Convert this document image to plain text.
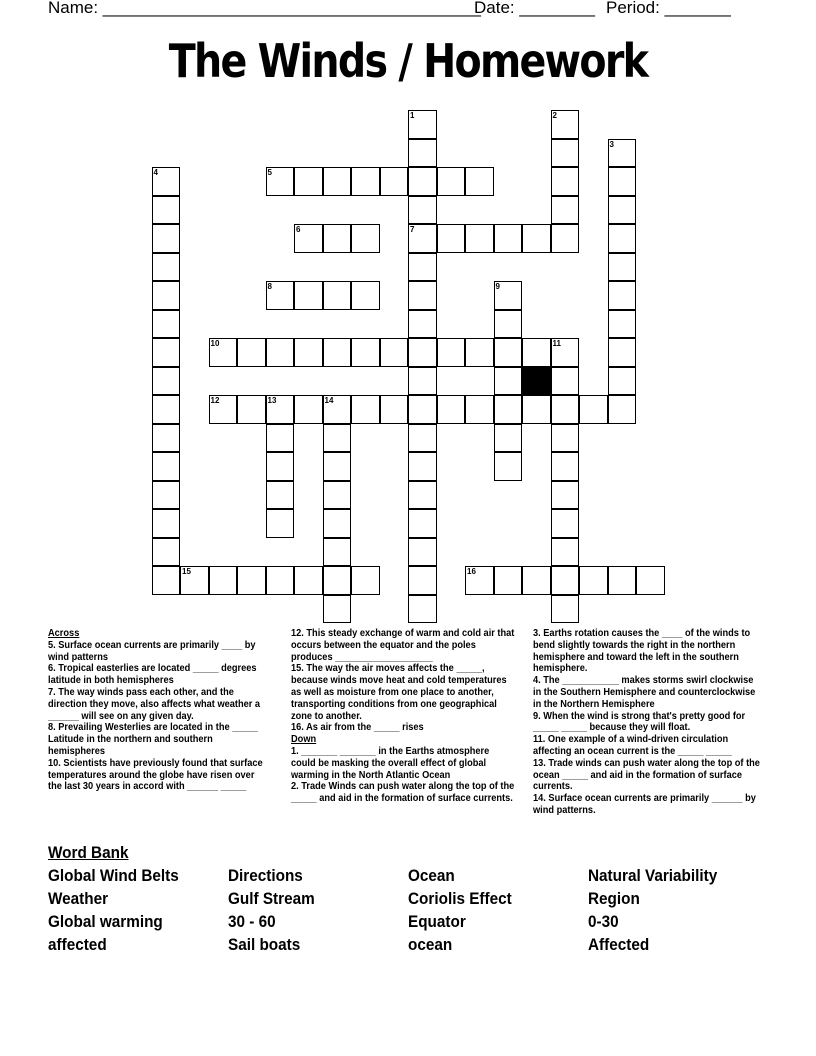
Name: ________________________________________
Date: ________ Period: _______
The Winds / Homework
1	2
3
4	5
6	7
8	9
10	11
12	13	14
15	16

Across

5. Surface ocean currents are primarily ____ by wind patterns

6. Tropical easterlies are located _____ degrees latitude in both hemispheres

7. The way winds pass each other, and the direction they move, also affects what weather a ______ will see on any given day.

8. Prevailing Westerlies are located in the _____ Latitude in the northern and southern hemispheres

10. Scientists have previously found that surface temperatures around the globe have risen over the last 30 years in accord with ______ _____

12. This steady exchange of warm and cold air that occurs between the equator and the poles produces ___________________

15. The way the air moves affects the _____, because winds move heat and cold temperatures as well as moisture from one place to another, transporting conditions from one geographical zone to another.

16. As air from the _____ rises

Down

1. _______ _______ in the Earths atmosphere could be masking the overall effect of global warming in the North Atlantic Ocean

2. Trade Winds can push water along the top of the _____ and aid in the formation of surface currents.

3. Earths rotation causes the ____ of the winds to bend slightly towards the right in the northern hemisphere and toward the left in the southern hemisphere.

4. The ___________ makes storms swirl clockwise in the Southern Hemisphere and counterclockwise in the Northern Hemisphere

9. When the wind is strong that's pretty good for _____ _____ because they will float.

11. One example of a wind-driven circulation affecting an ocean current is the _____ _____

13. Trade winds can push water along the top of the ocean _____ and aid in the formation of surface currents.

14. Surface ocean currents are primarily ______ by wind patterns.

Word Bank
Global Wind Belts
Weather
Global warming
affected
Directions
Gulf Stream
30 - 60
Sail boats
Ocean
Coriolis Effect
Equator
ocean
Natural Variability
Region
0-30
Affected
